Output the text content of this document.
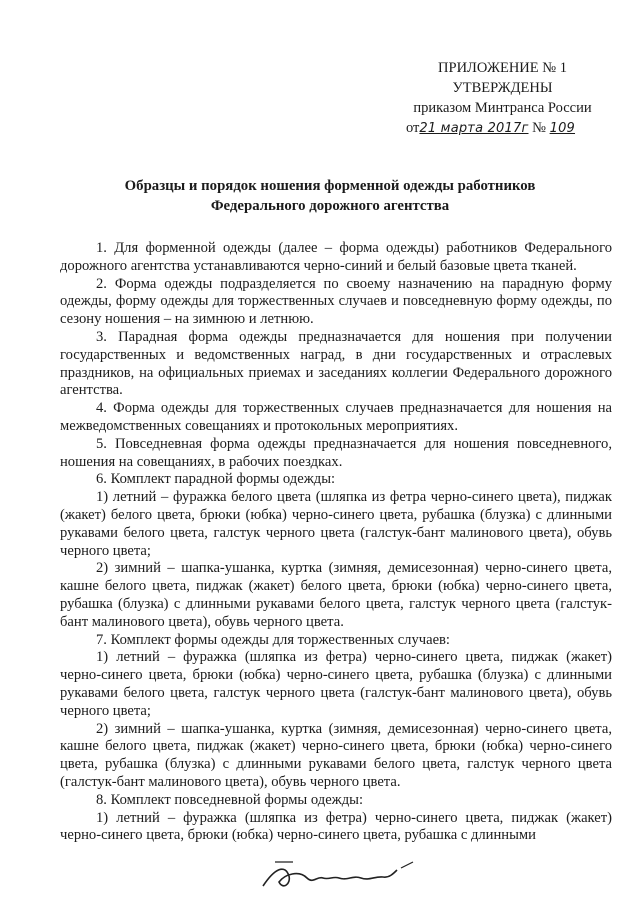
ПРИЛОЖЕНИЕ № 1
УТВЕРЖДЕНЫ
приказом Минтранса России
от21 марта 2017г № 109
Образцы и порядок ношения форменной одежды работников
Федерального дорожного агентства

1. Для форменной одежды (далее – форма одежды) работников Федерального дорожного агентства устанавливаются черно-синий и белый базовые цвета тканей.

2. Форма одежды подразделяется по своему назначению на парадную форму одежды, форму одежды для торжественных случаев и повседневную форму одежды, по сезону ношения – на зимнюю и летнюю.

3. Парадная форма одежды предназначается для ношения при получении государственных и ведомственных наград, в дни государственных и отраслевых праздников, на официальных приемах и заседаниях коллегии Федерального дорожного агентства.

4. Форма одежды для торжественных случаев предназначается для ношения на межведомственных совещаниях и протокольных мероприятиях.

5. Повседневная форма одежды предназначается для ношения повседневного, ношения на совещаниях, в рабочих поездках.

6. Комплект парадной формы одежды:

1) летний – фуражка белого цвета (шляпка из фетра черно-синего цвета), пиджак (жакет) белого цвета, брюки (юбка) черно-синего цвета, рубашка (блузка) с длинными рукавами белого цвета, галстук черного цвета (галстук-бант малинового цвета), обувь черного цвета;

2) зимний – шапка-ушанка, куртка (зимняя, демисезонная) черно-синего цвета, кашне белого цвета, пиджак (жакет) белого цвета, брюки (юбка) черно-синего цвета, рубашка (блузка) с длинными рукавами белого цвета, галстук черного цвета (галстук-бант малинового цвета), обувь черного цвета.

7. Комплект формы одежды для торжественных случаев:

1) летний – фуражка (шляпка из фетра) черно-синего цвета, пиджак (жакет) черно-синего цвета, брюки (юбка) черно-синего цвета, рубашка (блузка) с длинными рукавами белого цвета, галстук черного цвета (галстук-бант малинового цвета), обувь черного цвета;

2) зимний – шапка-ушанка, куртка (зимняя, демисезонная) черно-синего цвета, кашне белого цвета, пиджак (жакет) черно-синего цвета, брюки (юбка) черно-синего цвета, рубашка (блузка) с длинными рукавами белого цвета, галстук черного цвета (галстук-бант малинового цвета), обувь черного цвета.

8. Комплект повседневной формы одежды:

1) летний – фуражка (шляпка из фетра) черно-синего цвета, пиджак (жакет) черно-синего цвета, брюки (юбка) черно-синего цвета, рубашка с длинными
